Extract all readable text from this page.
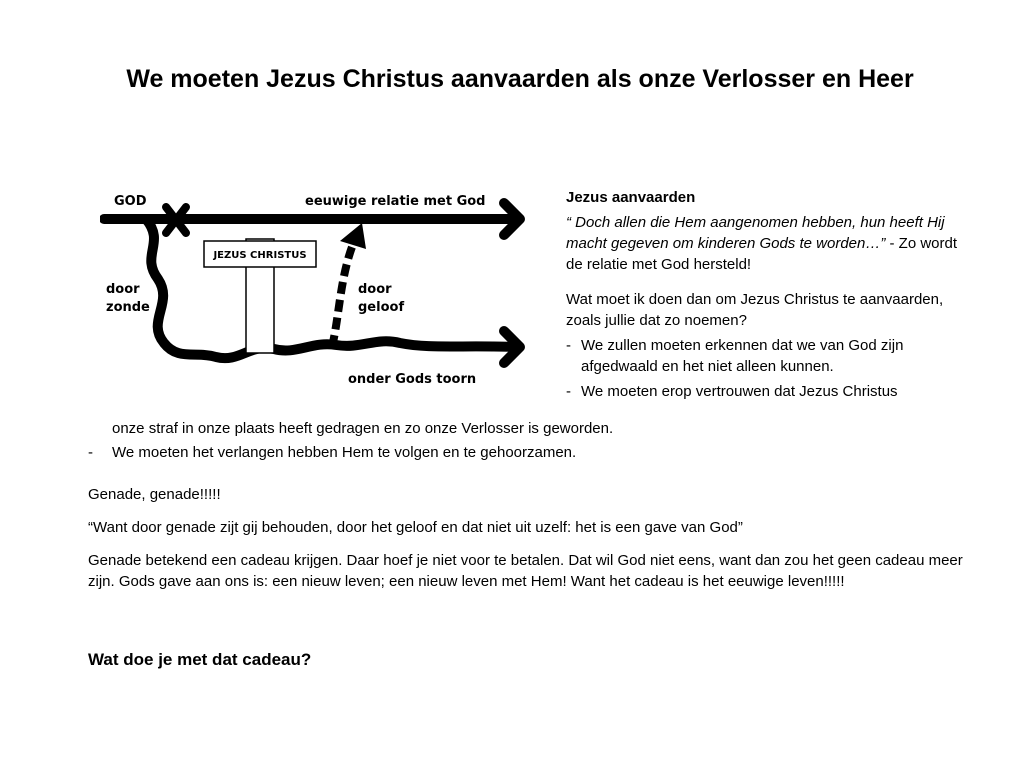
We moeten Jezus Christus aanvaarden als onze Verlosser en Heer
JEZUS CHRISTUS
GOD	eeuwige relatie met God
door
zonde
door
geloof
onder Gods toorn
Jezus aanvaarden
“ Doch allen die Hem aangenomen hebben, hun heeft Hij macht gegeven om kinderen Gods te worden…” - Zo wordt de relatie met God hersteld!

Wat moet ik doen dan om Jezus Christus te aanvaarden, zoals jullie dat zo noemen?

- We zullen moeten erkennen dat we van God zijn afgedwaald en het niet alleen kunnen.
- We moeten erop vertrouwen dat Jezus Christus
onze straf in onze plaats heeft gedragen en zo onze Verlosser is geworden.
- We moeten het verlangen hebben Hem te volgen en te gehoorzamen.

Genade, genade!!!!!

“Want door genade zijt gij behouden, door het geloof en dat niet uit uzelf: het is een gave van God”

Genade betekend een cadeau krijgen. Daar hoef je niet voor te betalen. Dat wil God niet eens, want dan zou het geen cadeau meer zijn. Gods gave aan ons is: een nieuw leven; een nieuw leven met Hem! Want het cadeau is het eeuwige leven!!!!!

Wat doe je met dat cadeau?
